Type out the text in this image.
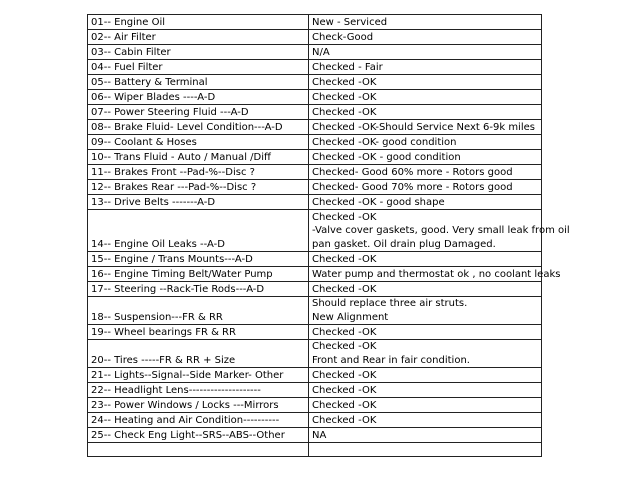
01-- Engine Oil	New - Serviced
02-- Air Filter	Check-Good
03-- Cabin Filter	N/A
04-- Fuel Filter	Checked - Fair
05-- Battery & Terminal	Checked -OK
06-- Wiper Blades ----A-D	Checked -OK
07-- Power Steering Fluid ---A-D	Checked -OK
08-- Brake Fluid- Level Condition---A-D	Checked -OK-Should Service Next 6-9k miles
09-- Coolant & Hoses	Checked -OK- good condition
10-- Trans Fluid - Auto / Manual /Diff	Checked -OK - good condition
11-- Brakes Front --Pad-%--Disc ?	Checked- Good 60% more - Rotors good
12-- Brakes Rear ---Pad-%--Disc ?	Checked- Good 70% more - Rotors good
13-- Drive Belts -------A-D	Checked -OK - good shape
14-- Engine Oil Leaks --A-D	Checked -OK
-Valve cover gaskets, good. Very small leak from oil
pan gasket. Oil drain plug Damaged.

15-- Engine / Trans Mounts---A-D	Checked -OK
16-- Engine Timing Belt/Water Pump	Water pump and thermostat ok , no coolant leaks
17-- Steering --Rack-Tie Rods---A-D	Checked -OK
18-- Suspension---FR & RR	Should replace three air struts.
New Alignment

19-- Wheel bearings FR & RR	Checked -OK
20-- Tires -----FR & RR + Size	Checked -OK
Front and Rear in fair condition.

21-- Lights--Signal--Side Marker- Other	Checked -OK
22-- Headlight Lens--------------------	Checked -OK
23-- Power Windows / Locks ---Mirrors	Checked -OK
24-- Heating and Air Condition----------	Checked -OK
25-- Check Eng Light--SRS--ABS--Other	NA
